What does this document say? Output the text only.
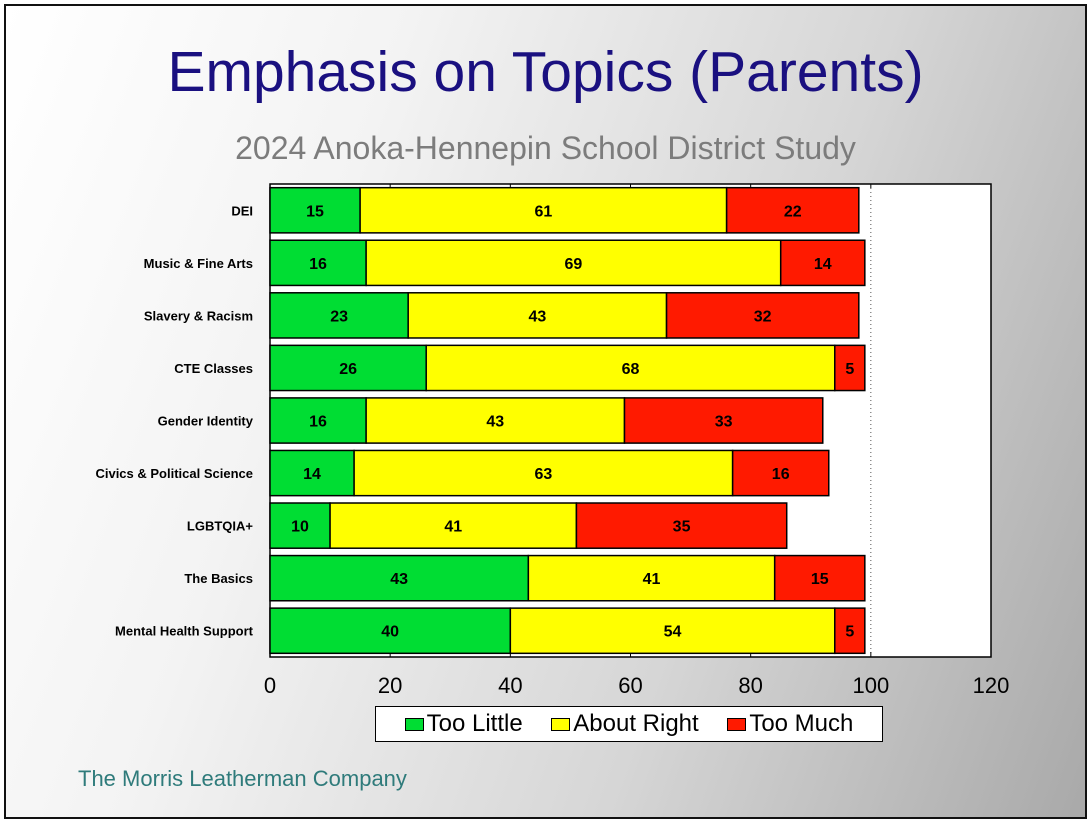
Emphasis on Topics (Parents)
2024 Anoka-Hennepin School District Study
0	20	40	60	80	100	120
DEI	15	61	22
Music & Fine Arts	16	69	14
Slavery & Racism	23	43	32
CTE Classes	26	68	5
Gender Identity	16	43	33
Civics & Political Science	14	63	16
LGBTQIA+ 10	41	35
The Basics	43	41	15
Mental Health Support	40	54	5
Too Little About Right Too Much
The Morris Leatherman Company
